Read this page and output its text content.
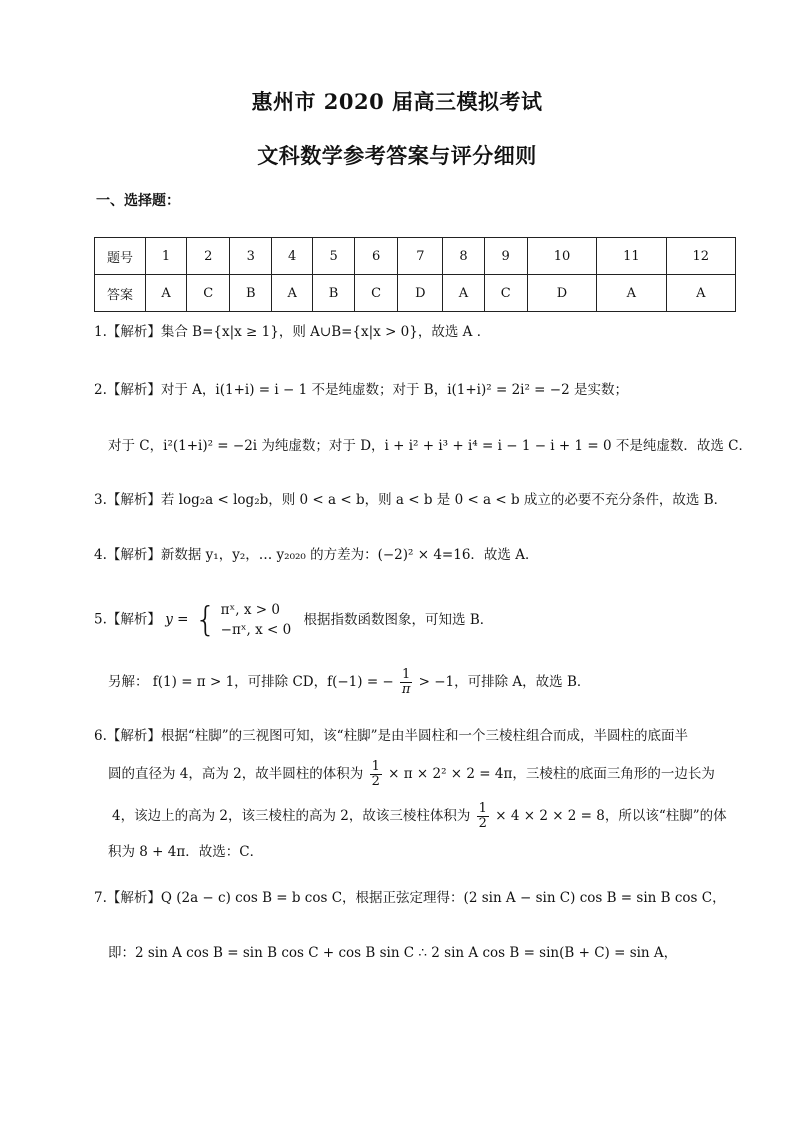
惠州市 2020 届高三模拟考试
文科数学参考答案与评分细则
一、选择题：
题号	1	2	3	4	5	6	7	8	9	10	11	12
答案	A	C	B	A	B	C	D	A	C	D	A	A
1.【解析】集合 B={x|x ≥ 1}，则 A∪B={x|x > 0}，故选 A ．
2.【解析】对于 A，i(1+i) = i − 1 不是纯虚数；对于 B，i(1+i)² = 2i² = −2 是实数；
对于 C，i²(1+i)² = −2i 为纯虚数；对于 D，i + i² + i³ + i⁴ = i − 1 − i + 1 = 0 不是纯虚数．故选 C．
3.【解析】若 log₂a < log₂b，则 0 < a < b，则 a < b 是 0 < a < b 成立的必要不充分条件，故选 B．
4.【解析】新数据 y₁，y₂，… y₂₀₂₀ 的方差为：(−2)² × 4=16．故选 A．
5.【解析】 y = { πˣ, x > 0
−πˣ, x < 0
根据指数函数图象，可知选 B．
另解： f(1) = π > 1，可排除 CD，f(−1) = − $\frac{1}{\pi} > -1$，可排除 A，故选 B．
6.【解析】根据“柱脚”的三视图可知，该“柱脚”是由半圆柱和一个三棱柱组合而成，半圆柱的底面半
圆的直径为 4，高为 2，故半圆柱的体积为 $\frac{1}{2} \times \pi \times 2^2 \times 2 = 4\pi$，三棱柱的底面三角形的一边长为
4，该边上的高为 2，该三棱柱的高为 2，故该三棱柱体积为 $\frac{1}{2} \times 4 \times 2 \times 2 = 8$，所以该“柱脚”的体
积为 8 + 4π．故选：C．
7.【解析】Q (2a − c) cos B = b cos C，根据正弦定理得：(2 sin A − sin C) cos B = sin B cos C，
即：2 sin A cos B = sin B cos C + cos B sin C ∴ 2 sin A cos B = sin(B + C) = sin A，
